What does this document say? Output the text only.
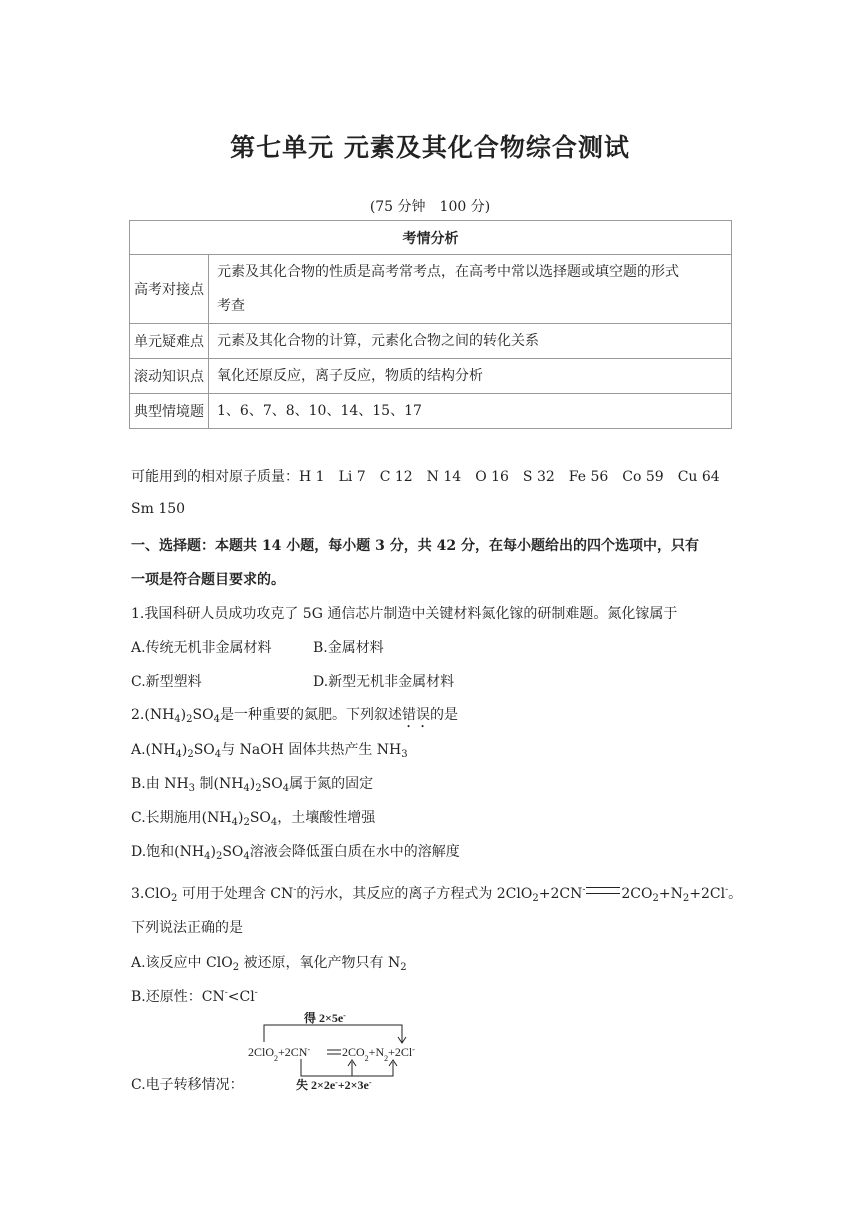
第七单元 元素及其化合物综合测试
(75 分钟　100 分)
考情分析	
高考对接点	元素及其化合物的性质是高考常考点，在高考中常以选择题或填空题的形式
考查
单元疑难点	元素及其化合物的计算，元素化合物之间的转化关系
滚动知识点	氧化还原反应，离子反应，物质的结构分析
典型情境题	1、6、7、8、10、14、15、17
可能用到的相对原子质量：H 1　Li 7　C 12　N 14　O 16　S 32　Fe 56　Co 59　Cu 64
Sm 150
一、选择题：本题共 14 小题，每小题 3 分，共 42 分，在每小题给出的四个选项中，只有
一项是符合题目要求的。
1.我国科研人员成功攻克了 5G 通信芯片制造中关键材料氮化镓的研制难题。氮化镓属于
A.传统无机非金属材料	B.金属材料
C.新型塑料	D.新型无机非金属材料
$2.(NH_4)_2SO_4$是一种重要的氮肥。下列叙述错误的是
$A.(NH_4)_2SO_4$与 NaOH 固体共热产生 $NH_3$
B.由 $NH_3$ 制$(NH_4)_2SO_4$属于氮的固定
C.长期施用$(NH_4)_2SO_4$，土壤酸性增强
D.饱和$(NH_4)_2SO_4$溶液会降低蛋白质在水中的溶解度
3.ClO$_2$ 可用于处理含 CN-的污水，其反应的离子方程式为 2ClO$_2$+2CN-	$2CO_2+N_2+2Cl^-$。
下列说法正确的是
A.该反应中 ClO$_2$ 被还原，氧化产物只有 $N_2$
B.还原性：CN-<Cl-
C.电子转移情况：
得 2×5e-
2ClO$_2$+2CN-	$2CO_2+N_2+2Cl^-$
失 2×2e-+2×3e-
